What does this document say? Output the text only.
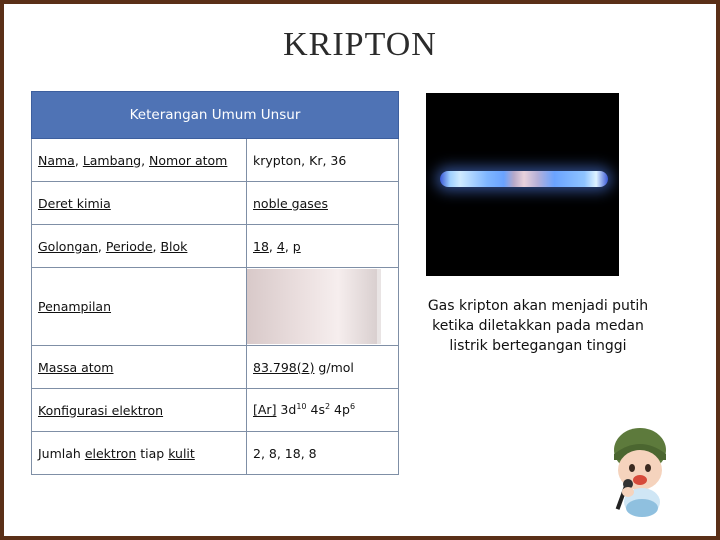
KRIPTON
Keterangan Umum Unsur	
Nama, Lambang, Nomor atom	krypton, Kr, 36
Deret kimia	noble gases
Golongan, Periode, Blok	18, 4, p
Penampilan	

Massa atom	83.798(2) g/mol
Konfigurasi elektron	[Ar] $3d^{10}$ $4s^2$ $4p^6$
Jumlah elektron tiap kulit	2, 8, 18, 8
Gas kripton akan menjadi putih ketika diletakkan pada medan listrik bertegangan tinggi
